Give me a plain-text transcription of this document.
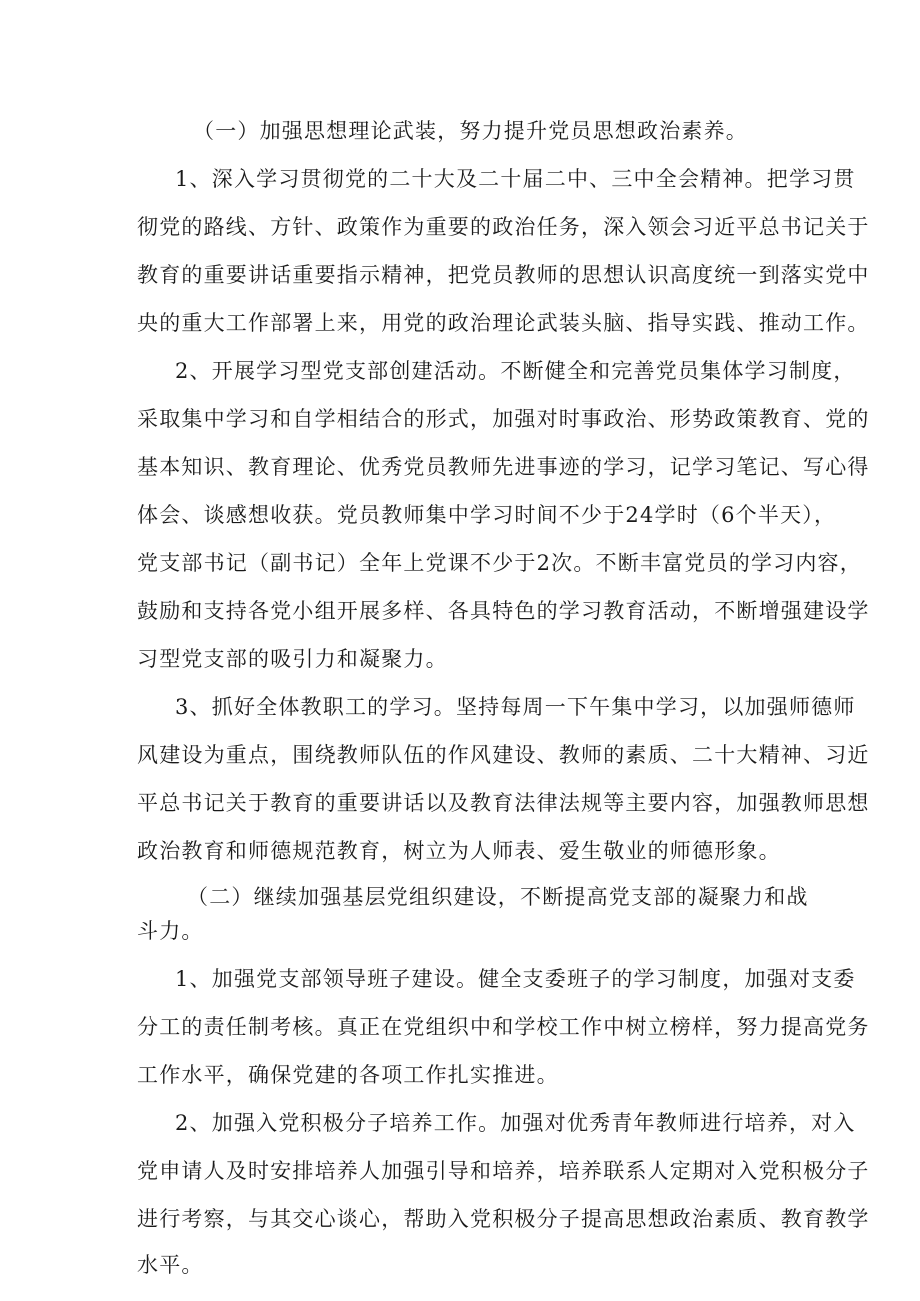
（一）加强思想理论武装，努力提升党员思想政治素养。
1、深入学习贯彻党的二十大及二十届二中、三中全会精神。把学习贯
彻党的路线、方针、政策作为重要的政治任务，深入领会习近平总书记关于
教育的重要讲话重要指示精神，把党员教师的思想认识高度统一到落实党中
央的重大工作部署上来，用党的政治理论武装头脑、指导实践、推动工作。
2、开展学习型党支部创建活动。不断健全和完善党员集体学习制度，
采取集中学习和自学相结合的形式，加强对时事政治、形势政策教育、党的
基本知识、教育理论、优秀党员教师先进事迹的学习，记学习笔记、写心得
体会、谈感想收获。党员教师集中学习时间不少于24学时（6个半天），
党支部书记（副书记）全年上党课不少于2次。不断丰富党员的学习内容，
鼓励和支持各党小组开展多样、各具特色的学习教育活动，不断增强建设学
习型党支部的吸引力和凝聚力。
3、抓好全体教职工的学习。坚持每周一下午集中学习，以加强师德师
风建设为重点，围绕教师队伍的作风建设、教师的素质、二十大精神、习近
平总书记关于教育的重要讲话以及教育法律法规等主要内容，加强教师思想
政治教育和师德规范教育，树立为人师表、爱生敬业的师德形象。
（二）继续加强基层党组织建设，不断提高党支部的凝聚力和战
斗力。
1、加强党支部领导班子建设。健全支委班子的学习制度，加强对支委
分工的责任制考核。真正在党组织中和学校工作中树立榜样，努力提高党务
工作水平，确保党建的各项工作扎实推进。
2、加强入党积极分子培养工作。加强对优秀青年教师进行培养，对入
党申请人及时安排培养人加强引导和培养，培养联系人定期对入党积极分子
进行考察，与其交心谈心，帮助入党积极分子提高思想政治素质、教育教学
水平。
